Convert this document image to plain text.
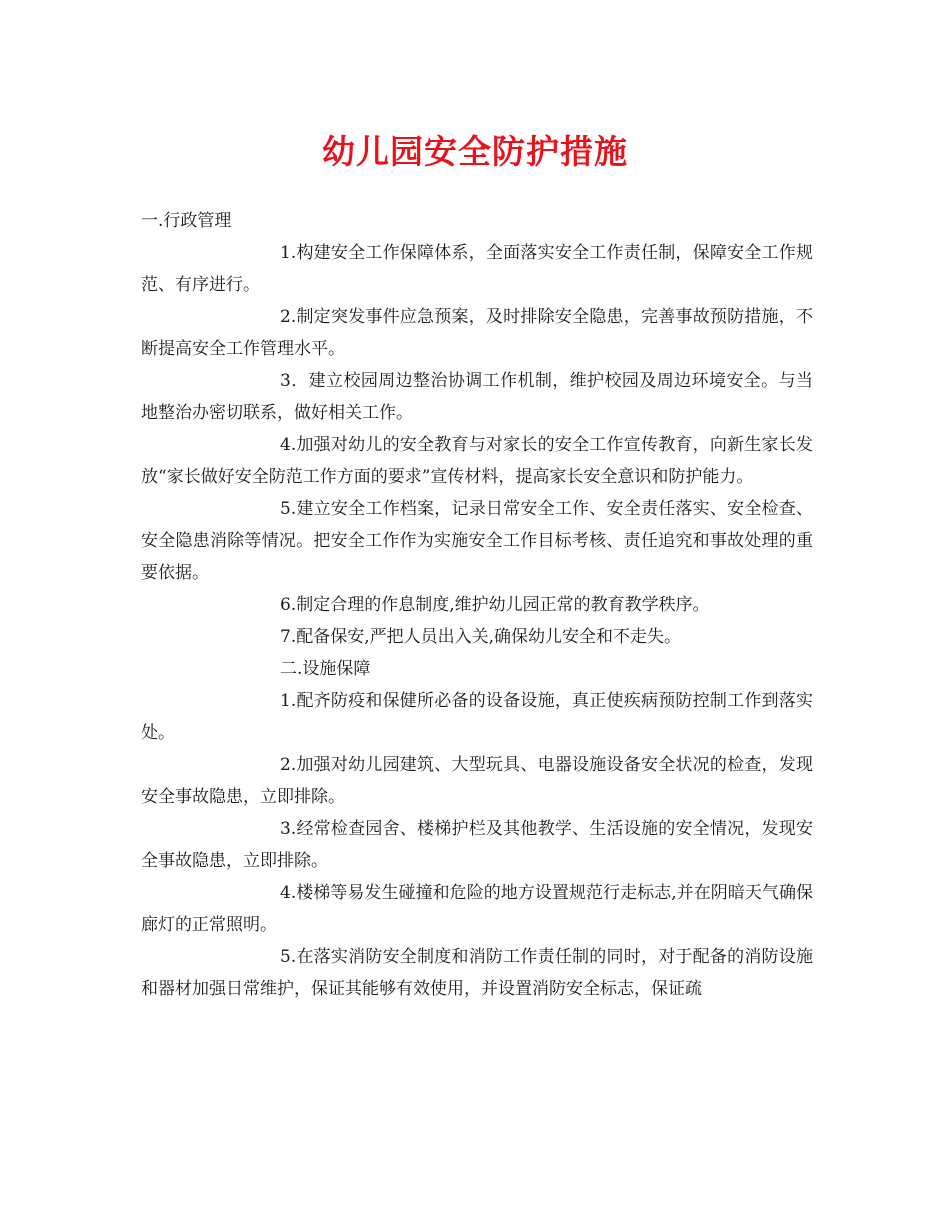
幼儿园安全防护措施

一.行政管理

1.构建安全工作保障体系，全面落实安全工作责任制，保障安全工作规范、有序进行。

2.制定突发事件应急预案，及时排除安全隐患，完善事故预防措施，不断提高安全工作管理水平。

3．建立校园周边整治协调工作机制，维护校园及周边环境安全。与当地整治办密切联系，做好相关工作。

4.加强对幼儿的安全教育与对家长的安全工作宣传教育，向新生家长发放“家长做好安全防范工作方面的要求”宣传材料，提高家长安全意识和防护能力。

5.建立安全工作档案，记录日常安全工作、安全责任落实、安全检查、安全隐患消除等情况。把安全工作作为实施安全工作目标考核、责任追究和事故处理的重要依据。

6.制定合理的作息制度,维护幼儿园正常的教育教学秩序。

7.配备保安,严把人员出入关,确保幼儿安全和不走失。

二.设施保障

1.配齐防疫和保健所必备的设备设施，真正使疾病预防控制工作到落实处。

2.加强对幼儿园建筑、大型玩具、电器设施设备安全状况的检查，发现安全事故隐患，立即排除。

3.经常检查园舍、楼梯护栏及其他教学、生活设施的安全情况，发现安全事故隐患，立即排除。

4.楼梯等易发生碰撞和危险的地方设置规范行走标志,并在阴暗天气确保廊灯的正常照明。

5.在落实消防安全制度和消防工作责任制的同时，对于配备的消防设施和器材加强日常维护，保证其能够有效使用，并设置消防安全标志，保证疏
